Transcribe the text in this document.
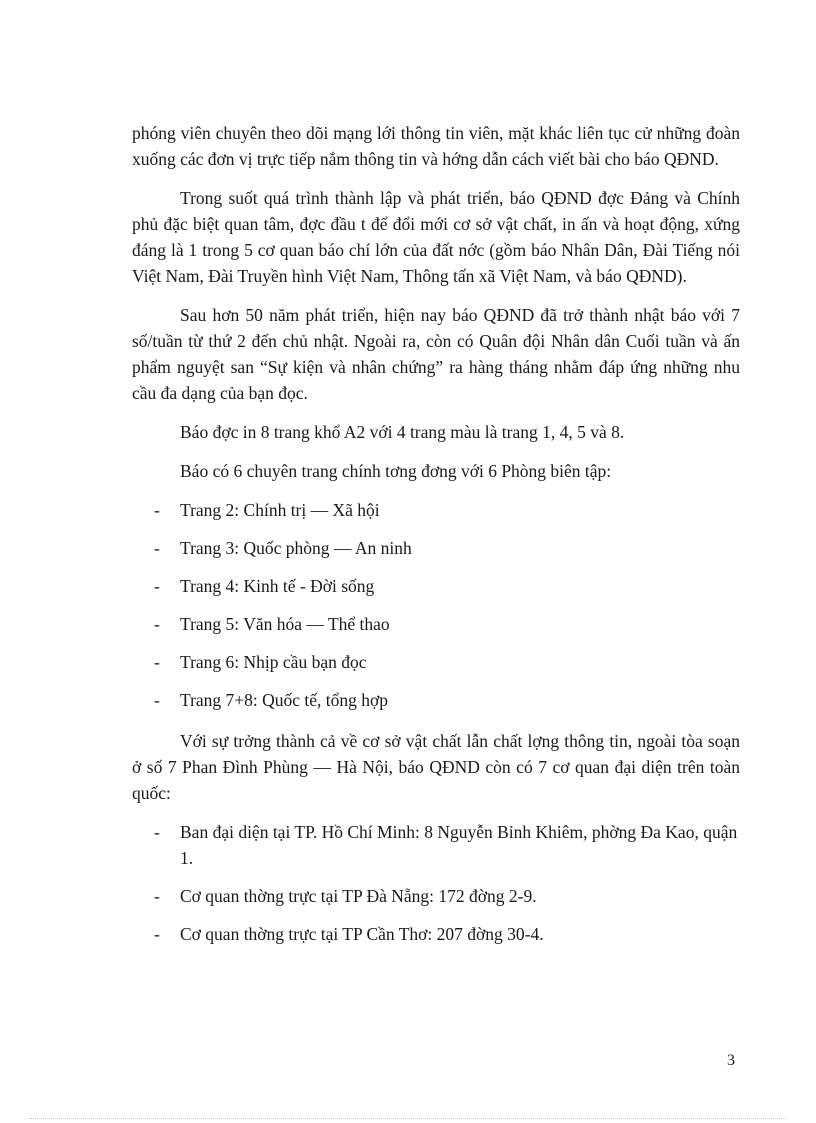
phóng viên chuyên theo dõi mạng lới thông tin viên, mặt khác liên tục cử những đoàn xuống các đơn vị trực tiếp nắm thông tin và hớng dẫn cách viết bài cho báo QĐND.

Trong suốt quá trình thành lập và phát triển, báo QĐND đợc Đảng và Chính phủ đặc biệt quan tâm, đợc đầu t để đổi mới cơ sở vật chất, in ấn và hoạt động, xứng đáng là 1 trong 5 cơ quan báo chí lớn của đất nớc (gồm báo Nhân Dân, Đài Tiếng nói Việt Nam, Đài Truyền hình Việt Nam, Thông tấn xã Việt Nam, và báo QĐND).

Sau hơn 50 năm phát triển, hiện nay báo QĐND đã trở thành nhật báo với 7 số/tuần từ thứ 2 đến chủ nhật. Ngoài ra, còn có Quân đội Nhân dân Cuối tuần và ấn phẩm nguyệt san “Sự kiện và nhân chứng” ra hàng tháng nhằm đáp ứng những nhu cầu đa dạng của bạn đọc.

Báo đợc in 8 trang khổ A2 với 4 trang màu là trang 1, 4, 5 và 8.

Báo có 6 chuyên trang chính tơng đơng với 6 Phòng biên tập:

- Trang 2: Chính trị — Xã hội
- Trang 3: Quốc phòng — An ninh
- Trang 4: Kinh tế - Đời sống
- Trang 5: Văn hóa — Thể thao
- Trang 6: Nhịp cầu bạn đọc
- Trang 7+8: Quốc tế, tổng hợp

Với sự trởng thành cả về cơ sở vật chất lẫn chất lợng thông tin, ngoài tòa soạn ở số 7 Phan Đình Phùng — Hà Nội, báo QĐND còn có 7 cơ quan đại diện trên toàn quốc:

- Ban đại diện tại TP. Hồ Chí Minh: 8 Nguyễn Bỉnh Khiêm, phờng Đa Kao, quận 1.
- Cơ quan thờng trực tại TP Đà Nẵng: 172 đờng 2-9.
- Cơ quan thờng trực tại TP Cần Thơ: 207 đờng 30-4.
3
